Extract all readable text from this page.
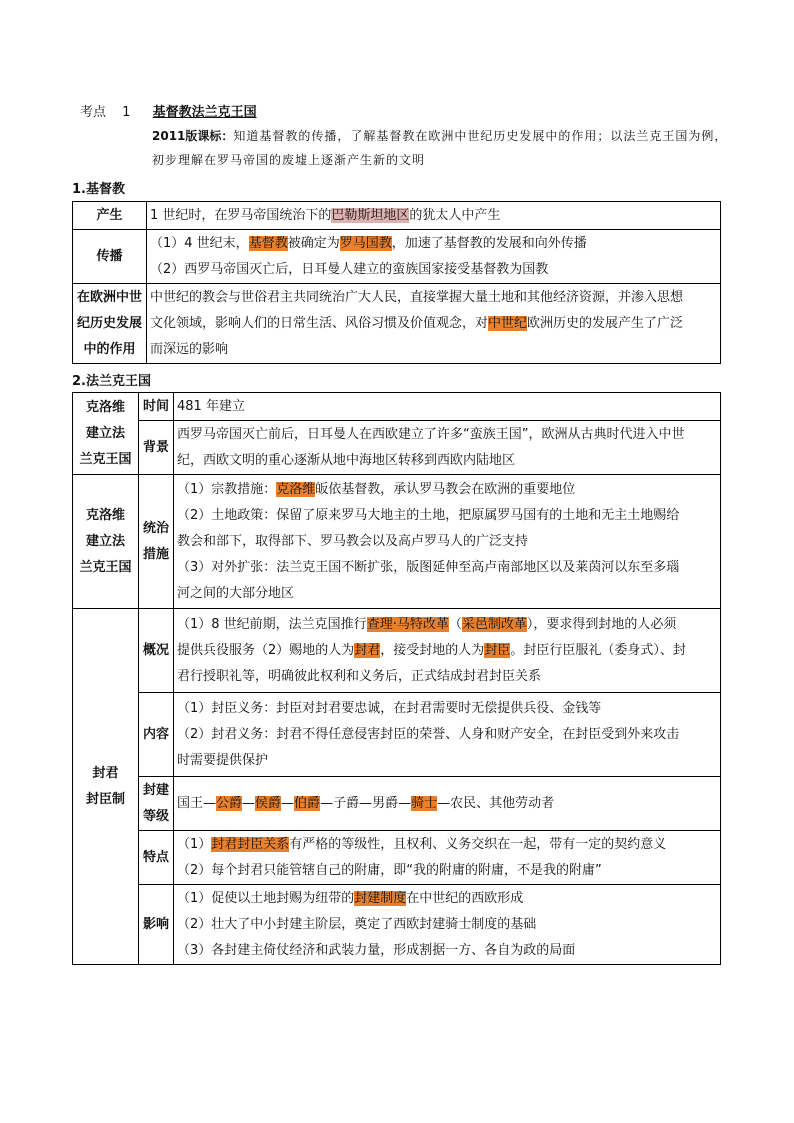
考点 1 基督教法兰克王国
2011版课标：知道基督教的传播，了解基督教在欧洲中世纪历史发展中的作用；以法兰克王国为例，初步理解在罗马帝国的废墟上逐渐产生新的文明
1.基督教
产生	1 世纪时，在罗马帝国统治下的巴勒斯坦地区的犹太人中产生
传播	（1）4 世纪末，基督教被确定为罗马国教，加速了基督教的发展和向外传播
（2）西罗马帝国灭亡后，日耳曼人建立的蛮族国家接受基督教为国教

在欧洲中世
纪历史发展
中的作用	中世纪的教会与世俗君主共同统治广大人民，直接掌握大量土地和其他经济资源，并渗入思想
文化领域，影响人们的日常生活、风俗习惯及价值观念，对中世纪欧洲历史的发展产生了广泛
而深远的影响
2.法兰克王国
克洛维
建立法
兰克王国	时间	481 年建立
	背景	西罗马帝国灭亡前后，日耳曼人在西欧建立了许多“蛮族王国”，欧洲从古典时代进入中世
纪，西欧文明的重心逐渐从地中海地区转移到西欧内陆地区

克洛维
建立法
兰克王国	统治
措施	（1）宗教措施：克洛维皈依基督教，承认罗马教会在欧洲的重要地位
（2）土地政策：保留了原来罗马大地主的土地，把原属罗马国有的土地和无主土地赐给
教会和部下，取得部下、罗马教会以及高卢罗马人的广泛支持
（3）对外扩张：法兰克王国不断扩张，版图延伸至高卢南部地区以及莱茵河以东至多瑙
河之间的大部分地区

封君
封臣制	概况	（1）8 世纪前期，法兰克国推行查理·马特改革（采邑制改革），要求得到封地的人必须
提供兵役服务（2）赐地的人为封君，接受封地的人为封臣。封臣行臣服礼（委身式）、封
君行授职礼等，明确彼此权利和义务后，正式结成封君封臣关系

	内容	（1）封臣义务：封臣对封君要忠诚，在封君需要时无偿提供兵役、金钱等
（2）封君义务：封君不得任意侵害封臣的荣誉、人身和财产安全，在封臣受到外来攻击
时需要提供保护

	封建
等级	国王—公爵—侯爵—伯爵—子爵—男爵—骑士—农民、其他劳动者
	特点	（1）封君封臣关系有严格的等级性，且权利、义务交织在一起，带有一定的契约意义
（2）每个封君只能管辖自己的附庸，即“我的附庸的附庸，不是我的附庸”

	影响	（1）促使以土地封赐为纽带的封建制度在中世纪的西欧形成
（2）壮大了中小封建主阶层，奠定了西欧封建骑士制度的基础
（3）各封建主倚仗经济和武装力量，形成割据一方、各自为政的局面
